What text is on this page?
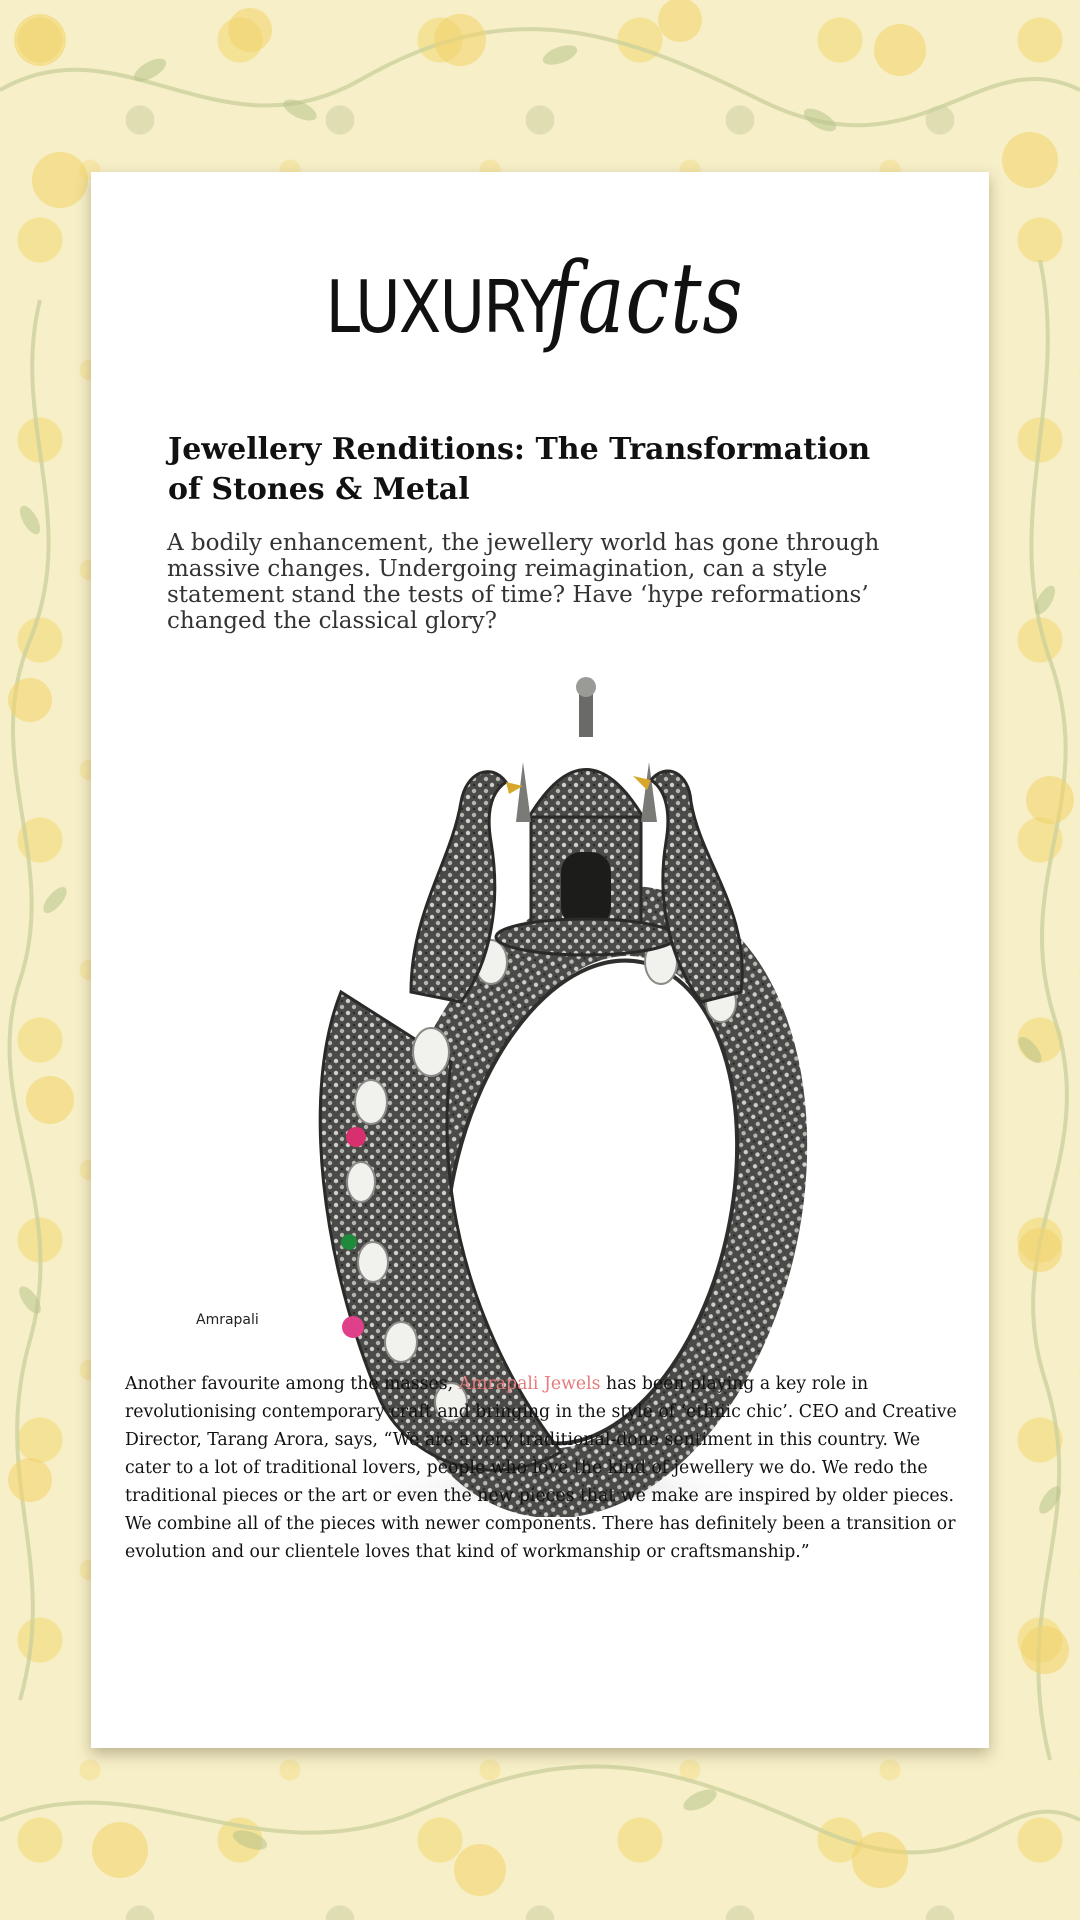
LUXURYfacts
Jewellery Renditions: The Transformation of Stones & Metal

A bodily enhancement, the jewellery world has gone through massive changes. Undergoing reimagination, can a style statement stand the tests of time? Have ‘hype reformations’ changed the classical glory?

Amrapali

Another favourite among the masses, Amrapali Jewels has been playing a key role in revolutionising contemporary craft and bringing in the style of ‘ethnic chic’. CEO and Creative Director, Tarang Arora, says, “We are a very traditional-done sentiment in this country. We cater to a lot of traditional lovers, people who love the kind of jewellery we do. We redo the traditional pieces or the art or even the new pieces that we make are inspired by older pieces. We combine all of the pieces with newer components. There has definitely been a transition or evolution and our clientele loves that kind of workmanship or craftsmanship.”
